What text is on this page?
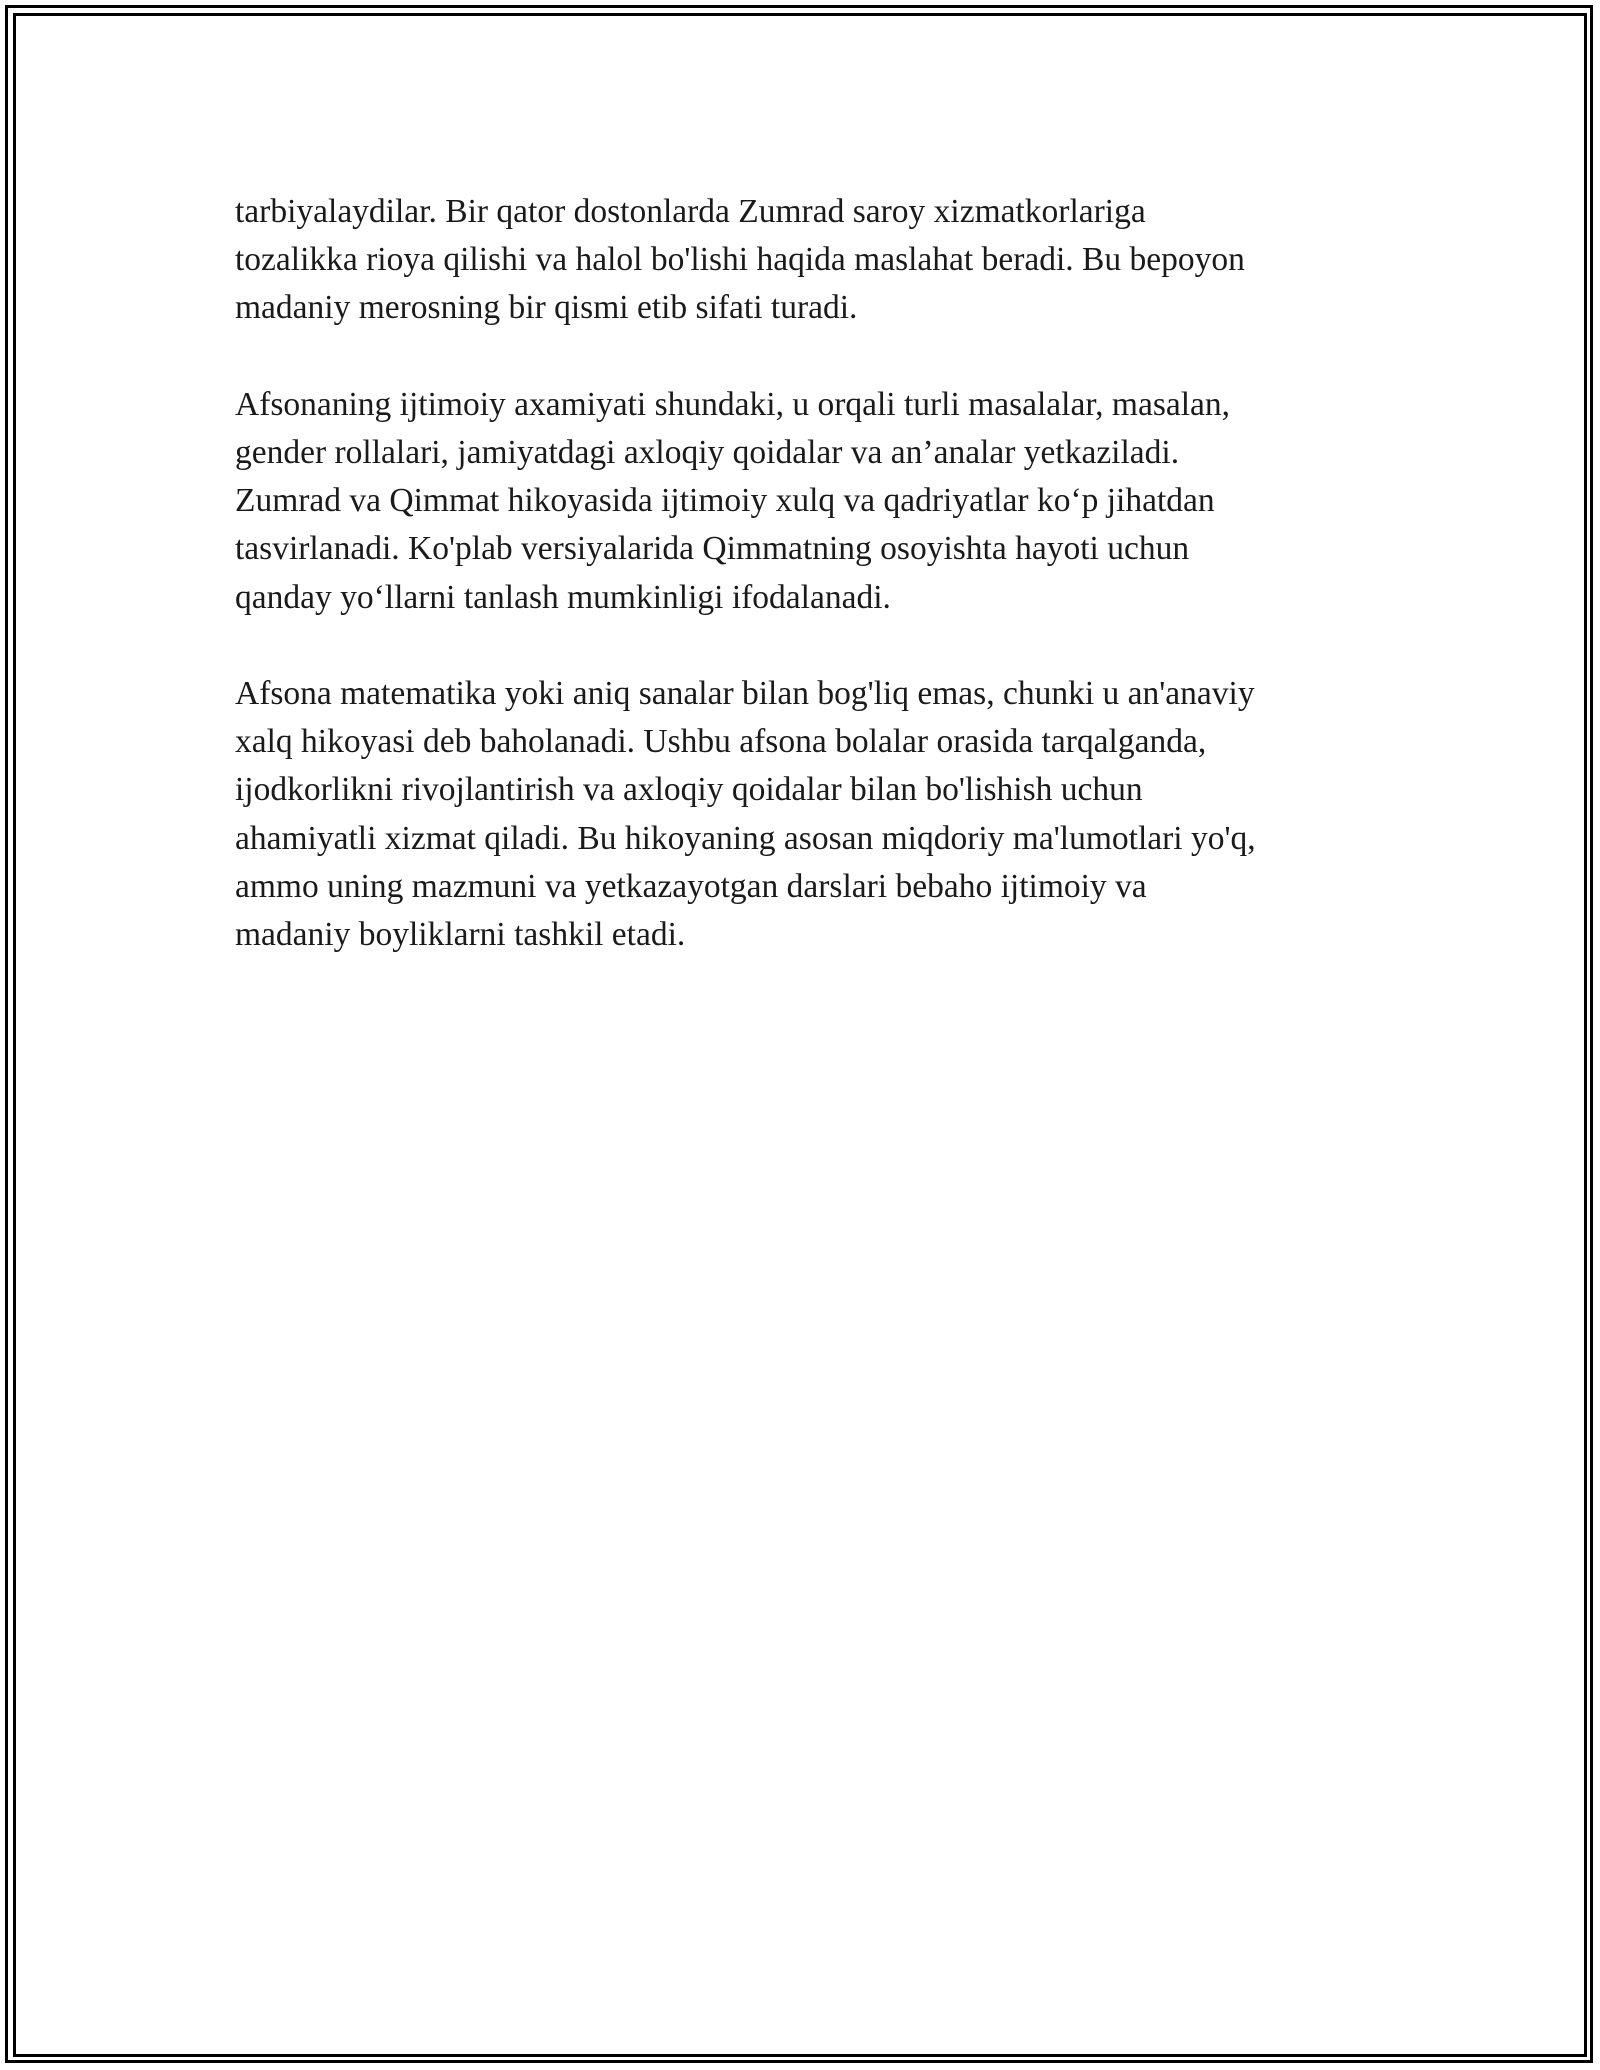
tarbiyalaydilar. Bir qator dostonlarda Zumrad saroy xizmatkorlariga
tozalikka rioya qilishi va halol bo'lishi haqida maslahat beradi. Bu bepoyon
madaniy merosning bir qismi etib sifati turadi.

Afsonaning ijtimoiy axamiyati shundaki, u orqali turli masalalar, masalan,
gender rollalari, jamiyatdagi axloqiy qoidalar va an’analar yetkaziladi.
Zumrad va Qimmat hikoyasida ijtimoiy xulq va qadriyatlar ko‘p jihatdan
tasvirlanadi. Ko'plab versiyalarida Qimmatning osoyishta hayoti uchun
qanday yo‘llarni tanlash mumkinligi ifodalanadi.

Afsona matematika yoki aniq sanalar bilan bog'liq emas, chunki u an'anaviy
xalq hikoyasi deb baholanadi. Ushbu afsona bolalar orasida tarqalganda,
ijodkorlikni rivojlantirish va axloqiy qoidalar bilan bo'lishish uchun
ahamiyatli xizmat qiladi. Bu hikoyaning asosan miqdoriy ma'lumotlari yo'q,
ammo uning mazmuni va yetkazayotgan darslari bebaho ijtimoiy va
madaniy boyliklarni tashkil etadi.
